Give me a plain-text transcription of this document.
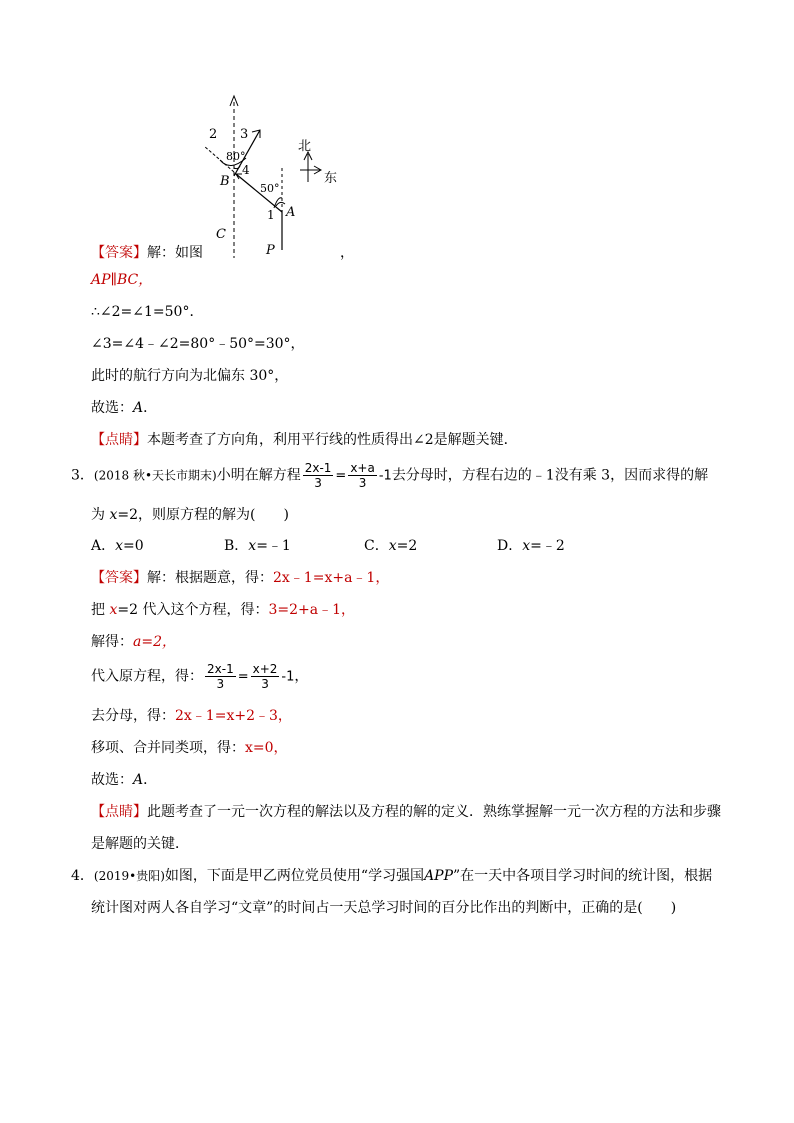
2 3
80°
4
B	50°
1 A
C
P
北
东
【答案】解：如图	，
AP∥BC，
∴∠2=∠1=50°．
∠3=∠4﹣∠2=80°﹣50°=30°，
此时的航行方向为北偏东 30°，
故选：A．
【点睛】本题考查了方向角，利用平行线的性质得出∠2是解题关键．
3．(2018 秋•天长市期末)小明在解方程 $\frac{2x-1}{3} = \frac{x+a}{3} -1$去分母时，方程右边的﹣1没有乘 3，因而求得的解
为 x=2，则原方程的解为(　　)
A．x=0	B．x=﹣1	C．x=2	D．x=﹣2
【答案】解：根据题意，得：2x﹣1=x+a﹣1，
把 x=2 代入这个方程，得：3=2+a﹣1，
解得：a=2，
代入原方程，得： $\frac{2x-1}{3} = \frac{x+2}{3} -1$，
去分母，得：2x﹣1=x+2﹣3，
移项、合并同类项，得：x=0，
故选：A．
【点睛】此题考查了一元一次方程的解法以及方程的解的定义．熟练掌握解一元一次方程的方法和步骤
是解题的关键．
4．(2019•贵阳)如图，下面是甲乙两位党员使用“学习强国APP”在一天中各项目学习时间的统计图，根据
统计图对两人各自学习“文章”的时间占一天总学习时间的百分比作出的判断中，正确的是(　　)
